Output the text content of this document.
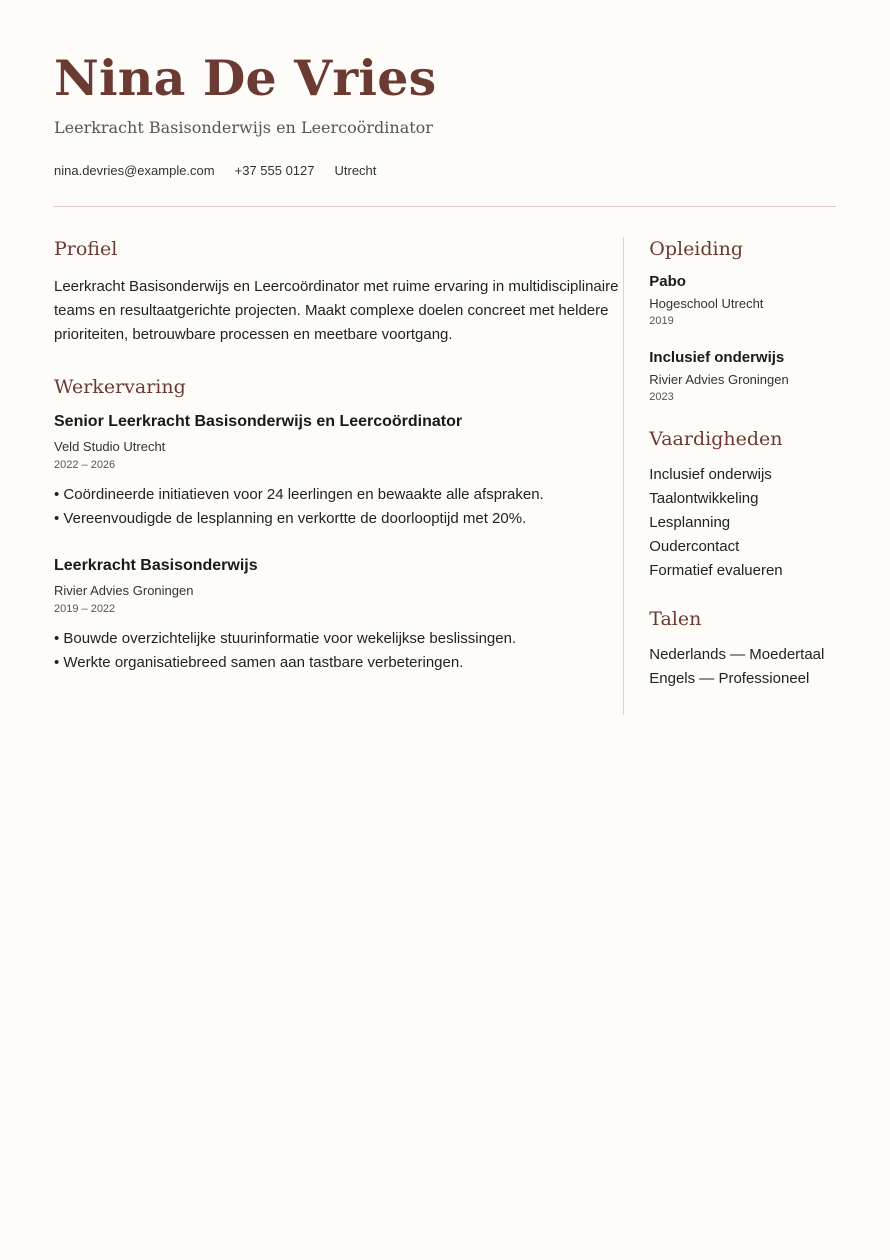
Nina De Vries
Leerkracht Basisonderwijs en Leercoördinator
nina.devries@example.com +37 555 0127 Utrecht
Profiel

Leerkracht Basisonderwijs en Leercoördinator met ruime ervaring in multidisciplinaire teams en resultaatgerichte projecten. Maakt complexe doelen concreet met heldere prioriteiten, betrouwbare processen en meetbare voortgang.

Werkervaring
Senior Leerkracht Basisonderwijs en Leercoördinator
Veld Studio Utrecht
2022 – 2026
• Coördineerde initiatieven voor 24 leerlingen en bewaakte alle afspraken.
• Vereenvoudigde de lesplanning en verkortte de doorlooptijd met 20%.
Leerkracht Basisonderwijs
Rivier Advies Groningen
2019 – 2022
• Bouwde overzichtelijke stuurinformatie voor wekelijkse beslissingen.
• Werkte organisatiebreed samen aan tastbare verbeteringen.
Opleiding
Pabo
Hogeschool Utrecht
2019
Inclusief onderwijs
Rivier Advies Groningen
2023
Vaardigheden
Inclusief onderwijs
Taalontwikkeling
Lesplanning
Oudercontact
Formatief evalueren
Talen
Nederlands — Moedertaal
Engels — Professioneel
